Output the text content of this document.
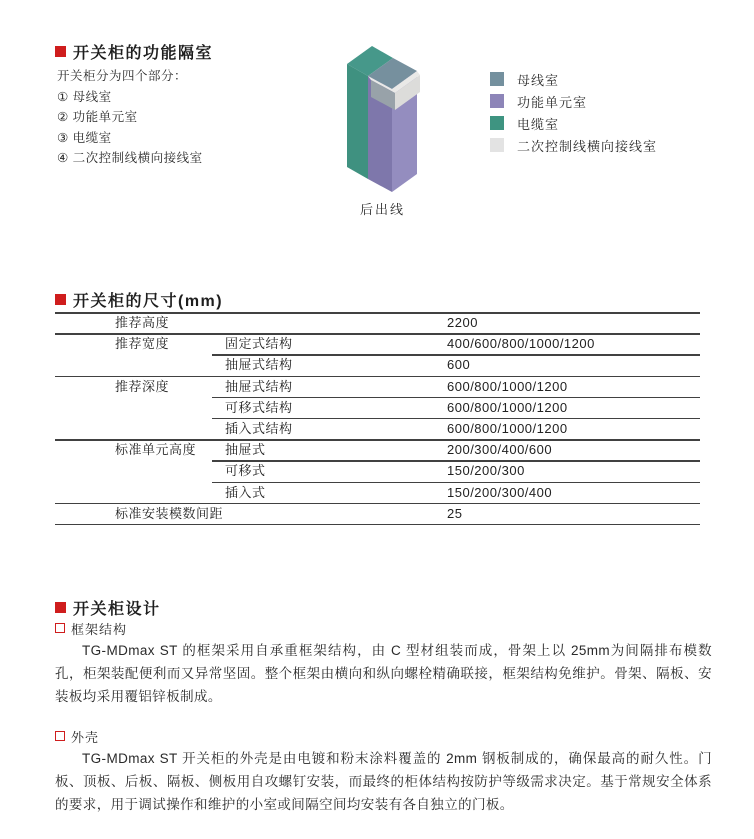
开关柜的功能隔室
开关柜分为四个部分：
① 母线室
② 功能单元室
③ 电缆室
④ 二次控制线横向接线室
后出线
母线室
功能单元室
电缆室
二次控制线横向接线室
开关柜的尺寸(mm)
推荐高度	2200
推荐宽度	固定式结构	400/600/800/1000/1200
抽屉式结构	600
推荐深度	抽屉式结构	600/800/1000/1200
可移式结构	600/800/1000/1200
插入式结构	600/800/1000/1200
标准单元高度 抽屉式	200/300/400/600
可移式	150/200/300
插入式	150/200/300/400
标准安装模数间距	25
开关柜设计
框架结构
TG-MDmax ST 的框架采用自承重框架结构，由 C 型材组装而成，骨架上以 25mm为间隔排布模数孔，柜架装配便利而又异常坚固。整个框架由横向和纵向螺栓精确联接，框架结构免维护。骨架、隔板、安装板均采用覆铝锌板制成。
外壳
TG-MDmax ST 开关柜的外壳是由电镀和粉末涂料覆盖的 2mm 钢板制成的，确保最高的耐久性。门板、顶板、后板、隔板、侧板用自攻螺钉安装，而最终的柜体结构按防护等级需求决定。基于常规安全体系的要求，用于调试操作和维护的小室或间隔空间均安装有各自独立的门板。
